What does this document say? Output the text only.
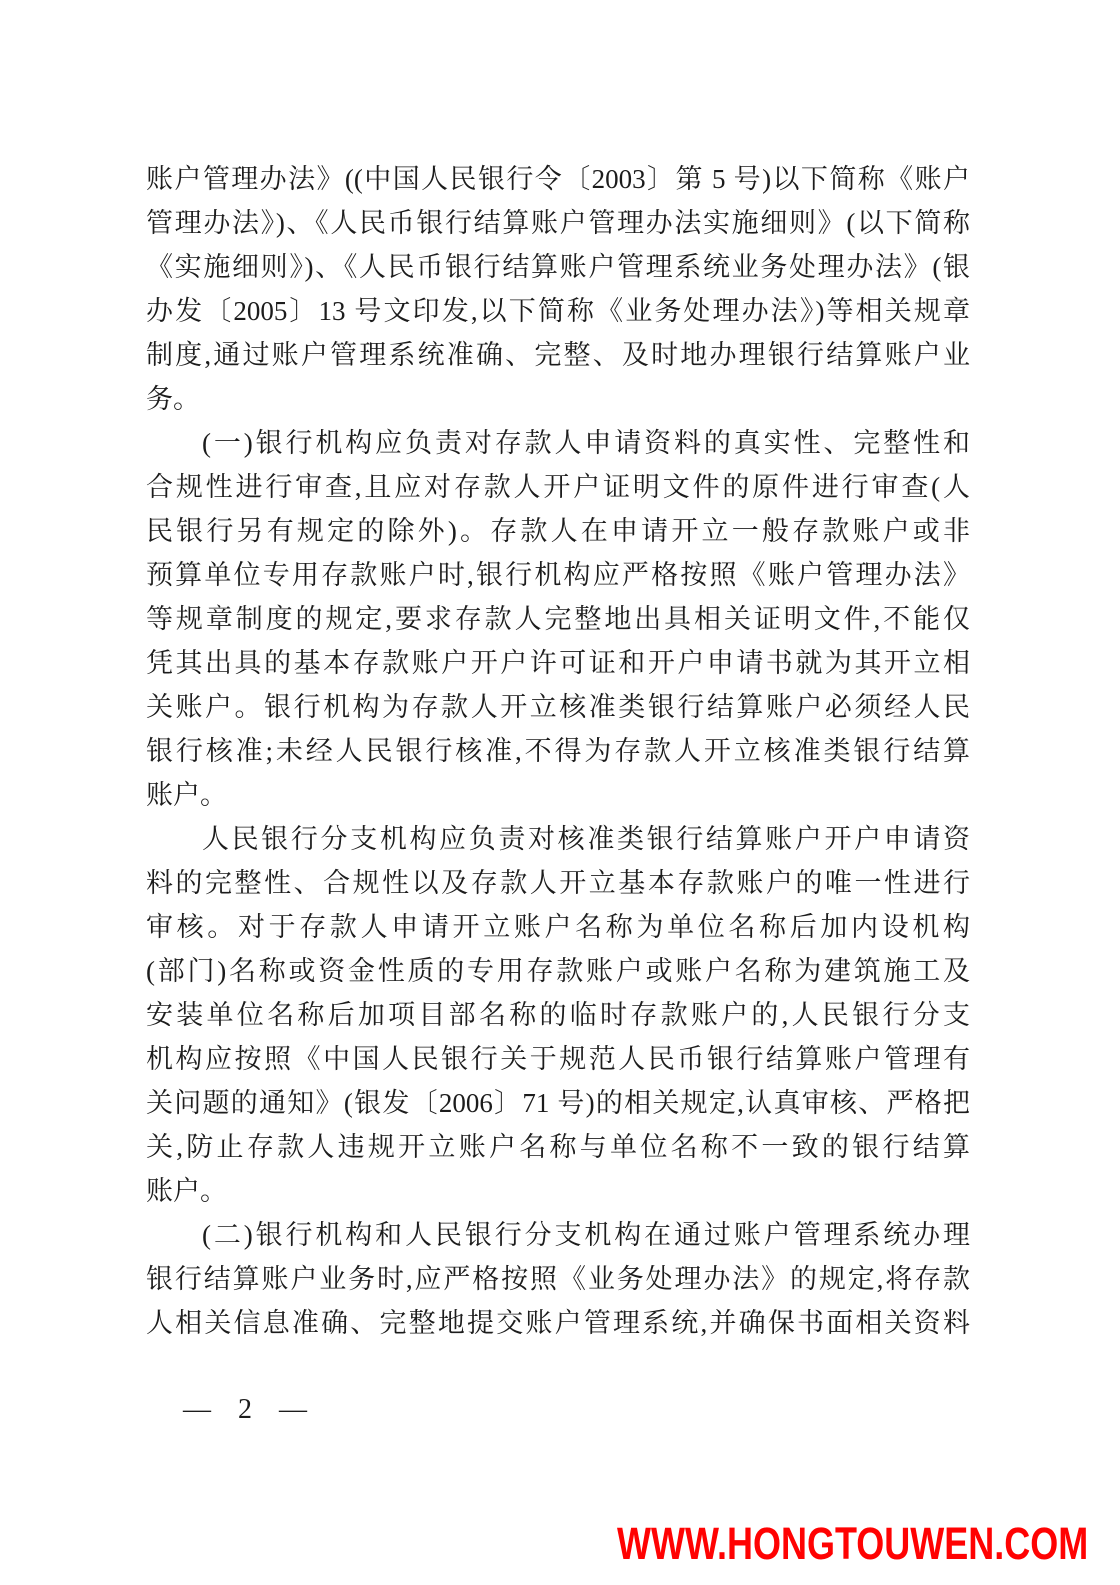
账户管理办法》((中国人民银行令〔2003〕第 5 号)以下简称《账户
管理办法》)、《人民币银行结算账户管理办法实施细则》(以下简称
《实施细则》)、《人民币银行结算账户管理系统业务处理办法》(银
办发〔2005〕13 号文印发,以下简称《业务处理办法》)等相关规章
制度,通过账户管理系统准确、完整、及时地办理银行结算账户业
务。
(一)银行机构应负责对存款人申请资料的真实性、完整性和
合规性进行审查,且应对存款人开户证明文件的原件进行审查(人
民银行另有规定的除外)。存款人在申请开立一般存款账户或非
预算单位专用存款账户时,银行机构应严格按照《账户管理办法》
等规章制度的规定,要求存款人完整地出具相关证明文件,不能仅
凭其出具的基本存款账户开户许可证和开户申请书就为其开立相
关账户。银行机构为存款人开立核准类银行结算账户必须经人民
银行核准;未经人民银行核准,不得为存款人开立核准类银行结算
账户。
人民银行分支机构应负责对核准类银行结算账户开户申请资
料的完整性、合规性以及存款人开立基本存款账户的唯一性进行
审核。对于存款人申请开立账户名称为单位名称后加内设机构
(部门)名称或资金性质的专用存款账户或账户名称为建筑施工及
安装单位名称后加项目部名称的临时存款账户的,人民银行分支
机构应按照《中国人民银行关于规范人民币银行结算账户管理有
关问题的通知》(银发〔2006〕71 号)的相关规定,认真审核、严格把
关,防止存款人违规开立账户名称与单位名称不一致的银行结算
账户。
(二)银行机构和人民银行分支机构在通过账户管理系统办理
银行结算账户业务时,应严格按照《业务处理办法》的规定,将存款
人相关信息准确、完整地提交账户管理系统,并确保书面相关资料
— 2 —
WWW.HONGTOUWEN.COM
